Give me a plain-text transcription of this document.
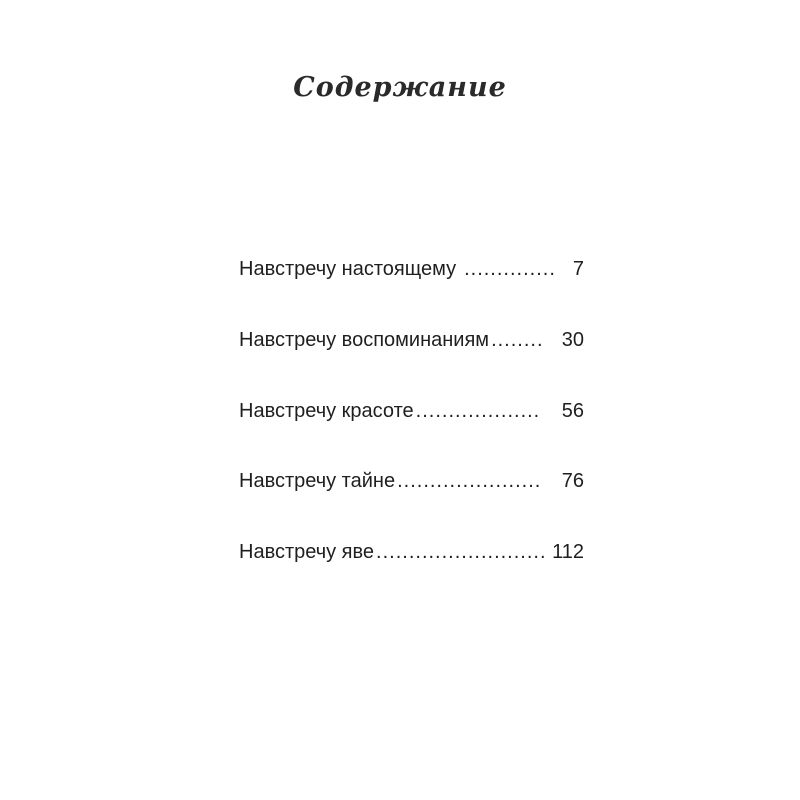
Содержание
Навстречу настоящему .............. 7
Навстречу воспоминаниям ........ 30
Навстречу красоте ...................	56
Навстречу тайне ......................	76
Навстречу яве .......................... 112
